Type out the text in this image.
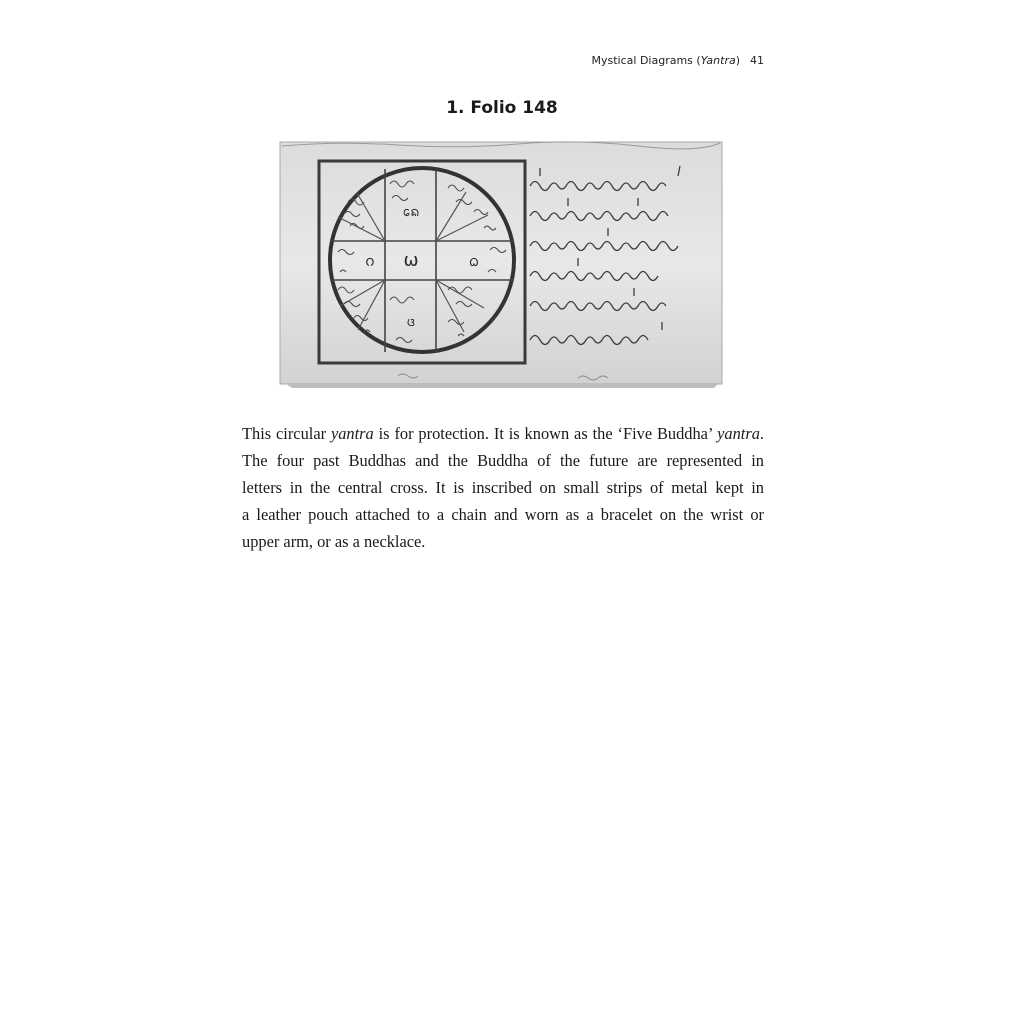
Mystical Diagrams (Yantra) 41
1. Folio 148
ω
ᨣ	ᨵ
ᨦᩮ
ᨴ
This circular yantra is for protection. It is known as the ‘Five Buddha’ yantra.
The four past Buddhas and the Buddha of the future are represented in
letters in the central cross. It is inscribed on small strips of metal kept in
a leather pouch attached to a chain and worn as a bracelet on the wrist or
upper arm, or as a necklace.
